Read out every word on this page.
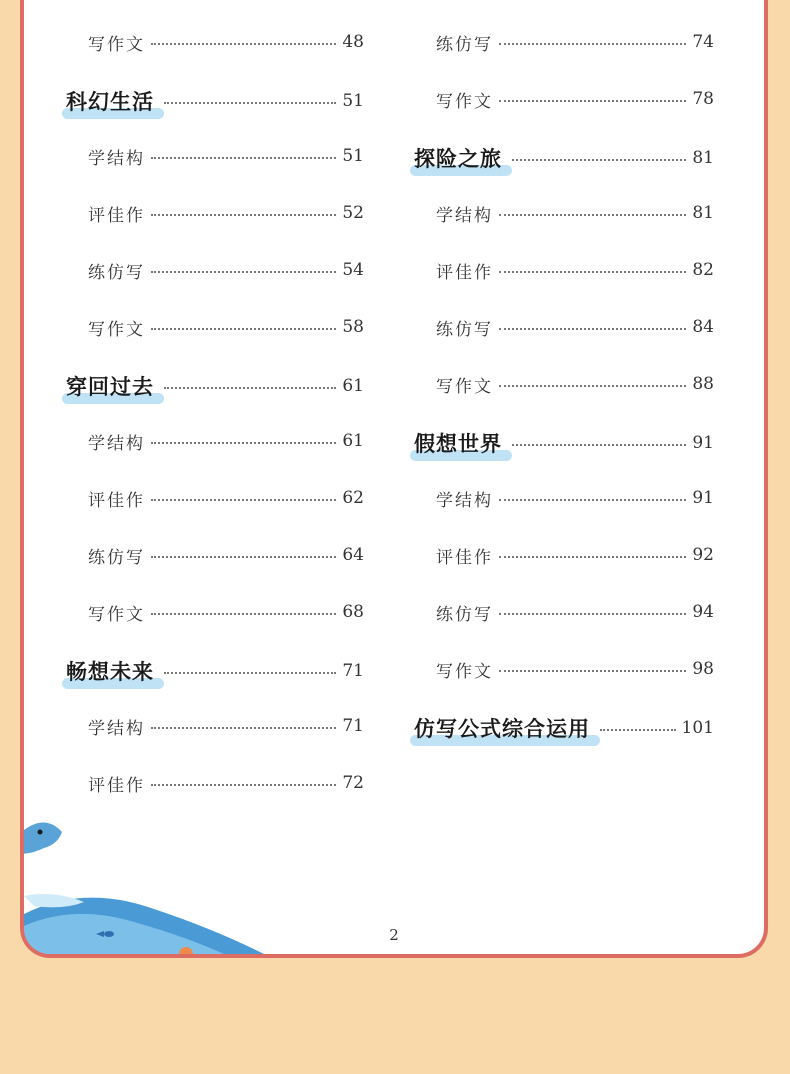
写作文	48
科幻生活	51
学结构	51
评佳作	52
练仿写	54
写作文	58
穿回过去	61
学结构	61
评佳作	62
练仿写	64
写作文	68
畅想未来	71
学结构	71
评佳作	72
练仿写	74
写作文	78
探险之旅	81
学结构	81
评佳作	82
练仿写	84
写作文	88
假想世界	91
学结构	91
评佳作	92
练仿写	94
写作文	98
仿写公式综合运用	101
2
